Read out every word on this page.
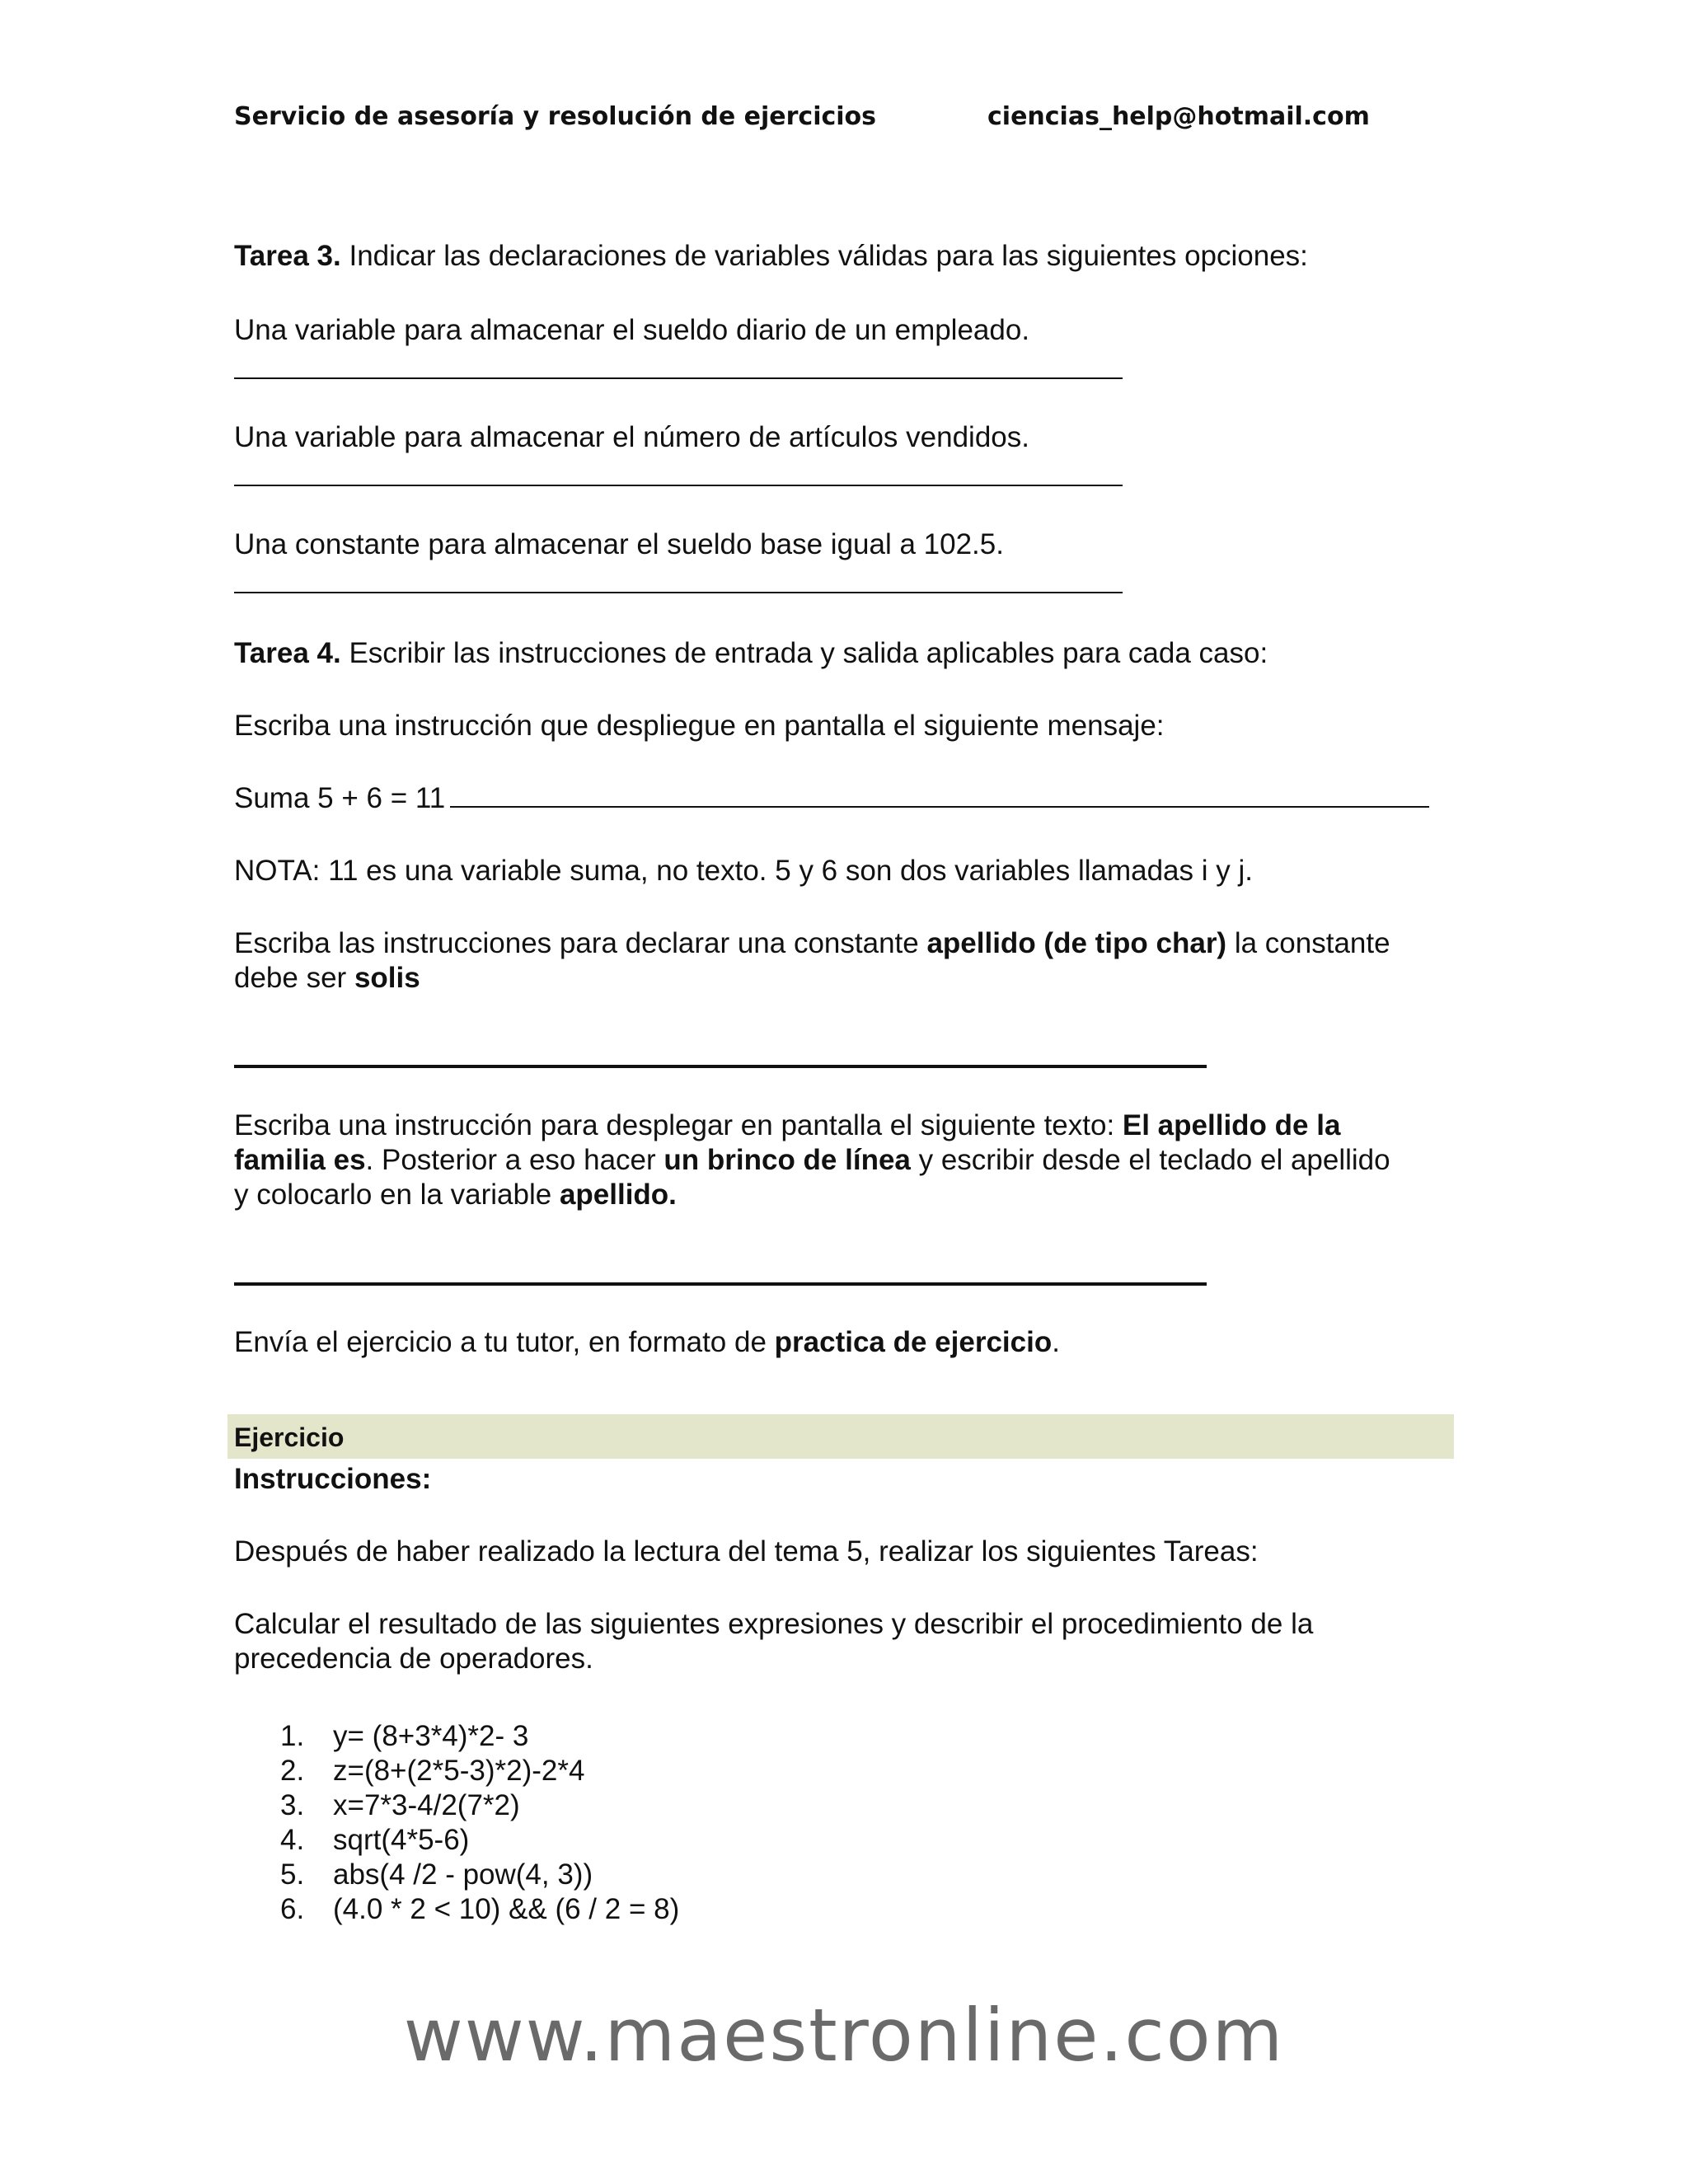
Servicio de asesoría y resolución de ejercicios	ciencias_help@hotmail.com
Tarea 3. Indicar las declaraciones de variables válidas para las siguientes opciones:
Una variable para almacenar el sueldo diario de un empleado.
Una variable para almacenar el número de artículos vendidos.
Una constante para almacenar el sueldo base igual a 102.5.
Tarea 4. Escribir las instrucciones de entrada y salida aplicables para cada caso:
Escriba una instrucción que despliegue en pantalla el siguiente mensaje:
Suma 5 + 6 = 11
NOTA: 11 es una variable suma, no texto. 5 y 6 son dos variables llamadas i y j.
Escriba las instrucciones para declarar una constante apellido (de tipo char) la constante
debe ser solis
Escriba una instrucción para desplegar en pantalla el siguiente texto: El apellido de la
familia es. Posterior a eso hacer un brinco de línea y escribir desde el teclado el apellido
y colocarlo en la variable apellido.
Envía el ejercicio a tu tutor, en formato de practica de ejercicio.
Ejercicio
Instrucciones:
Después de haber realizado la lectura del tema 5, realizar los siguientes Tareas:
Calcular el resultado de las siguientes expresiones y describir el procedimiento de la
precedencia de operadores.
1. y= (8+3*4)*2- 3
2. z=(8+(2*5-3)*2)-2*4
3. x=7*3-4/2(7*2)
4. sqrt(4*5-6)
5. abs(4 /2 - pow(4, 3))
6. (4.0 * 2 < 10) && (6 / 2 = 8)
www.maestronline.com
